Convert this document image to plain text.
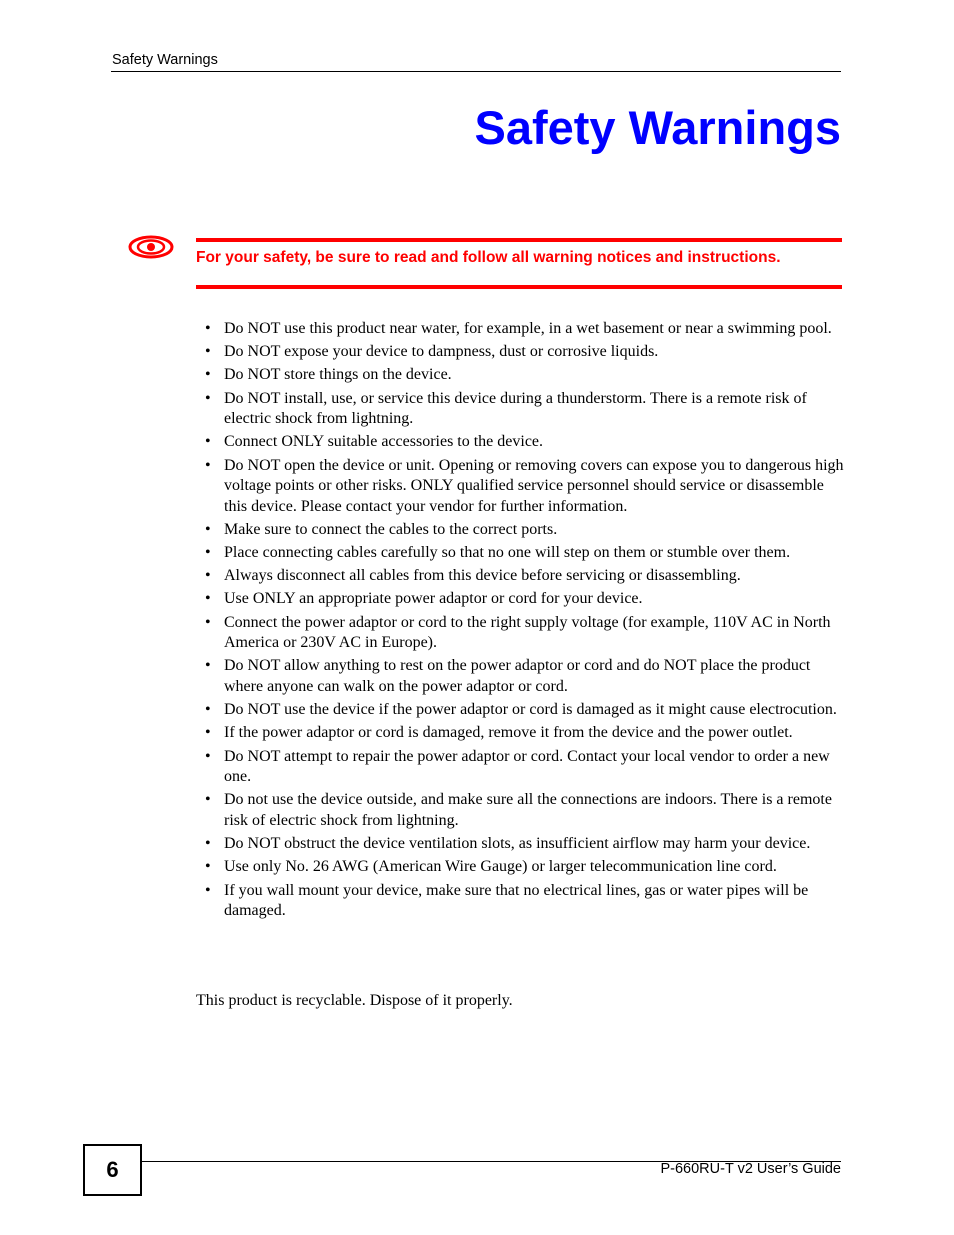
Safety Warnings
Safety Warnings
For your safety, be sure to read and follow all warning notices and instructions.
• Do NOT use this product near water, for example, in a wet basement or near a swimming pool.
• Do NOT expose your device to dampness, dust or corrosive liquids.
• Do NOT store things on the device.
• Do NOT install, use, or service this device during a thunderstorm. There is a remote risk of electric shock from lightning.
• Connect ONLY suitable accessories to the device.
• Do NOT open the device or unit. Opening or removing covers can expose you to dangerous high voltage points or other risks. ONLY qualified service personnel should service or disassemble this device. Please contact your vendor for further information.
• Make sure to connect the cables to the correct ports.
• Place connecting cables carefully so that no one will step on them or stumble over them.
• Always disconnect all cables from this device before servicing or disassembling.
• Use ONLY an appropriate power adaptor or cord for your device.
• Connect the power adaptor or cord to the right supply voltage (for example, 110V AC in North America or 230V AC in Europe).
• Do NOT allow anything to rest on the power adaptor or cord and do NOT place the product where anyone can walk on the power adaptor or cord.
• Do NOT use the device if the power adaptor or cord is damaged as it might cause electrocution.
• If the power adaptor or cord is damaged, remove it from the device and the power outlet.
• Do NOT attempt to repair the power adaptor or cord. Contact your local vendor to order a new one.
• Do not use the device outside, and make sure all the connections are indoors. There is a remote risk of electric shock from lightning.
• Do NOT obstruct the device ventilation slots, as insufficient airflow may harm your device.
• Use only No. 26 AWG (American Wire Gauge) or larger telecommunication line cord.
• If you wall mount your device, make sure that no electrical lines, gas or water pipes will be damaged.

This product is recyclable. Dispose of it properly.

6	P-660RU-T v2 User’s Guide
